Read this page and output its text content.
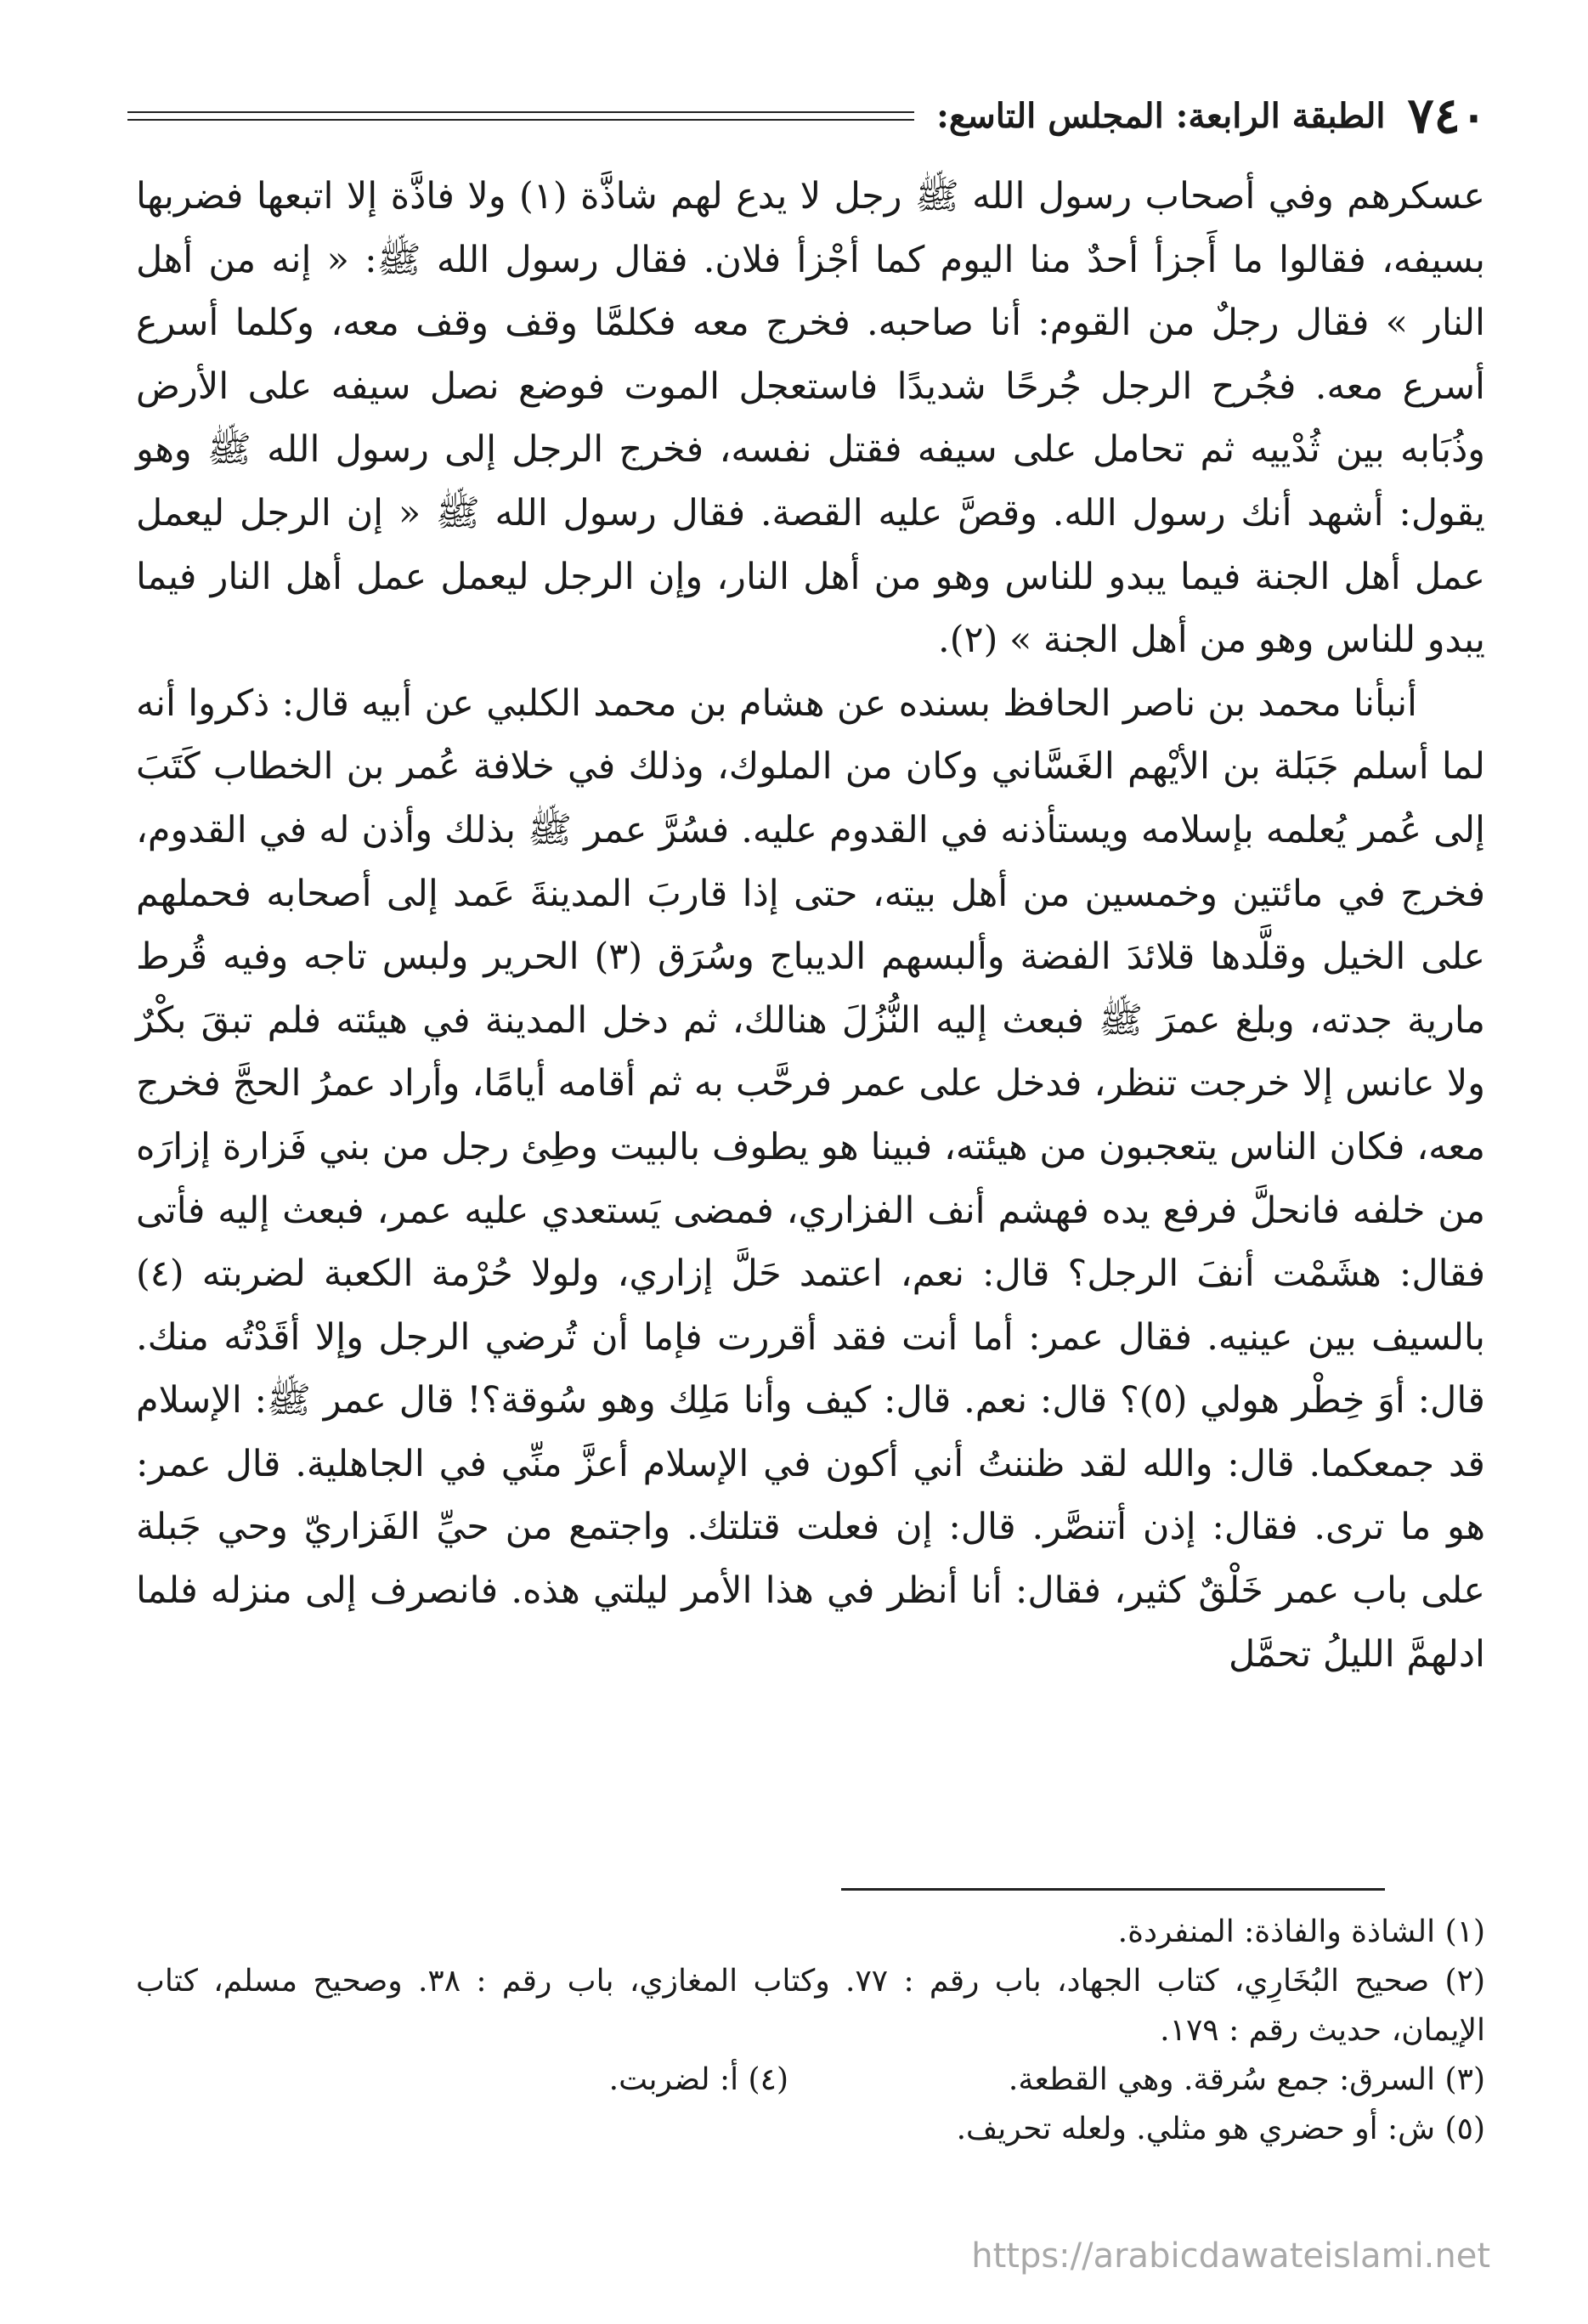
٧٤٠
الطبقة الرابعة: المجلس التاسع:

عسكرهم وفي أصحاب رسول الله ﷺ رجل لا يدع لهم شاذَّة (١) ولا فاذَّة إلا اتبعها فضربها بسيفه، فقالوا ما أَجزأ أحدٌ منا اليوم كما أجْزأ فلان. فقال رسول الله ﷺ: « إنه من أهل النار » فقال رجلٌ من القوم: أنا صاحبه. فخرج معه فكلمَّا وقف وقف معه، وكلما أسرع أسرع معه. فجُرح الرجل جُرحًا شديدًا فاستعجل الموت فوضع نصل سيفه على الأرض وذُبَابه بين ثُدْييه ثم تحامل على سيفه فقتل نفسه، فخرج الرجل إلى رسول الله ﷺ وهو يقول: أشهد أنك رسول الله. وقصَّ عليه القصة. فقال رسول الله ﷺ « إن الرجل ليعمل عمل أهل الجنة فيما يبدو للناس وهو من أهل النار، وإن الرجل ليعمل عمل أهل النار فيما يبدو للناس وهو من أهل الجنة » (٢).

أنبأنا محمد بن ناصر الحافظ بسنده عن هشام بن محمد الكلبي عن أبيه قال: ذكروا أنه لما أسلم جَبَلة بن الأيْهم الغَسَّاني وكان من الملوك، وذلك في خلافة عُمر بن الخطاب كَتَبَ إلى عُمر يُعلمه بإسلامه ويستأذنه في القدوم عليه. فسُرَّ عمر ﷺ بذلك وأذن له في القدوم، فخرج في مائتين وخمسين من أهل بيته، حتى إذا قاربَ المدينةَ عَمد إلى أصحابه فحملهم على الخيل وقلَّدها قلائدَ الفضة وألبسهم الديباج وسُرَق (٣) الحرير ولبس تاجه وفيه قُرط مارية جدته، وبلغ عمرَ ﷺ فبعث إليه النُّزُلَ هنالك، ثم دخل المدينة في هيئته فلم تبقَ بكْرٌ ولا عانس إلا خرجت تنظر، فدخل على عمر فرحَّب به ثم أقامه أيامًا، وأراد عمرُ الحجَّ فخرج معه، فكان الناس يتعجبون من هيئته، فبينا هو يطوف بالبيت وطِئ رجل من بني فَزارة إزارَه من خلفه فانحلَّ فرفع يده فهشم أنف الفزاري، فمضى يَستعدي عليه عمر، فبعث إليه فأتى فقال: هشَمْت أنفَ الرجل؟ قال: نعم، اعتمد حَلَّ إزاري، ولولا حُرْمة الكعبة لضربته (٤) بالسيف بين عينيه. فقال عمر: أما أنت فقد أقررت فإما أن تُرضي الرجل وإلا أقَدْتُه منك. قال: أوَ خِطْر هولي (٥)؟ قال: نعم. قال: كيف وأنا مَلِك وهو سُوقة؟! قال عمر ﷺ: الإسلام قد جمعكما. قال: والله لقد ظننتُ أني أكون في الإسلام أعزَّ منِّي في الجاهلية. قال عمر: هو ما ترى. فقال: إذن أتنصَّر. قال: إن فعلت قتلتك. واجتمع من حيِّ الفَزاريّ وحي جَبلة على باب عمر خَلْقٌ كثير، فقال: أنا أنظر في هذا الأمر ليلتي هذه. فانصرف إلى منزله فلما ادلهمَّ الليلُ تحمَّل

(١) الشاذة والفاذة: المنفردة.

(٢) صحيح البُخَارِي، كتاب الجهاد، باب رقم : ٧٧. وكتاب المغازي، باب رقم : ٣٨. وصحيح مسلم، كتاب الإيمان، حديث رقم : ١٧٩.

(٣) السرق: جمع سُرقة. وهي القطعة.
(٤) أ: لضربت.

(٥) ش: أو حضري هو مثلي. ولعله تحريف.

https://arabicdawateislami.net
